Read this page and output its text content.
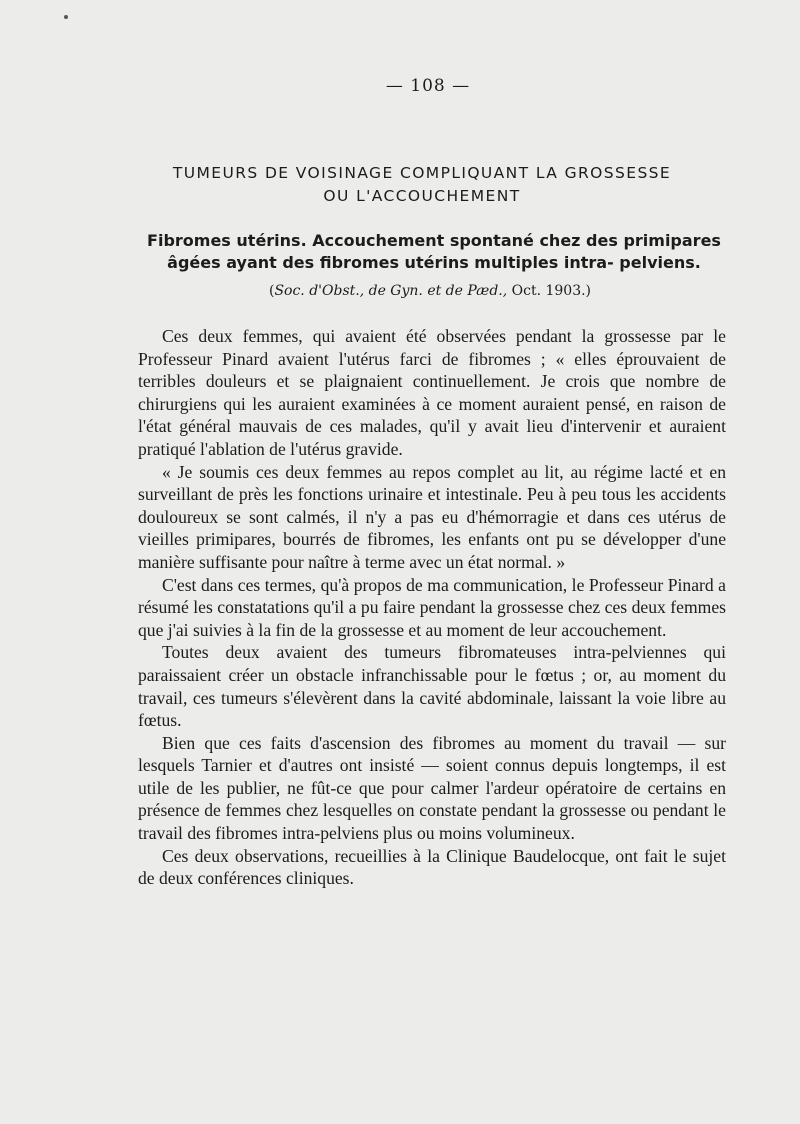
— 108 —
TUMEURS DE VOISINAGE COMPLIQUANT LA GROSSESSE
OU L'ACCOUCHEMENT
Fibromes utérins. Accouchement spontané chez des primipares
âgées ayant des fibromes utérins multiples intra- pelviens.
(Soc. d'Obst., de Gyn. et de Pæd., Oct. 1903.)

Ces deux femmes, qui avaient été observées pendant la grossesse par le Professeur Pinard avaient l'utérus farci de fibromes ; « elles éprouvaient de terribles douleurs et se plaignaient continuellement. Je crois que nombre de chirurgiens qui les auraient examinées à ce moment auraient pensé, en raison de l'état général mauvais de ces malades, qu'il y avait lieu d'intervenir et auraient pratiqué l'ablation de l'utérus gravide.

« Je soumis ces deux femmes au repos complet au lit, au régime lacté et en surveillant de près les fonctions urinaire et intestinale. Peu à peu tous les accidents douloureux se sont calmés, il n'y a pas eu d'hémorragie et dans ces utérus de vieilles primipares, bourrés de fibromes, les enfants ont pu se développer d'une manière suffisante pour naître à terme avec un état normal. »

C'est dans ces termes, qu'à propos de ma communication, le Professeur Pinard a résumé les constatations qu'il a pu faire pendant la grossesse chez ces deux femmes que j'ai suivies à la fin de la grossesse et au moment de leur accouchement.

Toutes deux avaient des tumeurs fibromateuses intra-pelviennes qui paraissaient créer un obstacle infranchissable pour le fœtus ; or, au moment du travail, ces tumeurs s'élevèrent dans la cavité abdominale, laissant la voie libre au fœtus.

Bien que ces faits d'ascension des fibromes au moment du travail — sur lesquels Tarnier et d'autres ont insisté — soient connus depuis longtemps, il est utile de les publier, ne fût-ce que pour calmer l'ardeur opératoire de certains en présence de femmes chez lesquelles on constate pendant la grossesse ou pendant le travail des fibromes intra-pelviens plus ou moins volumineux.

Ces deux observations, recueillies à la Clinique Baudelocque, ont fait le sujet de deux conférences cliniques.
